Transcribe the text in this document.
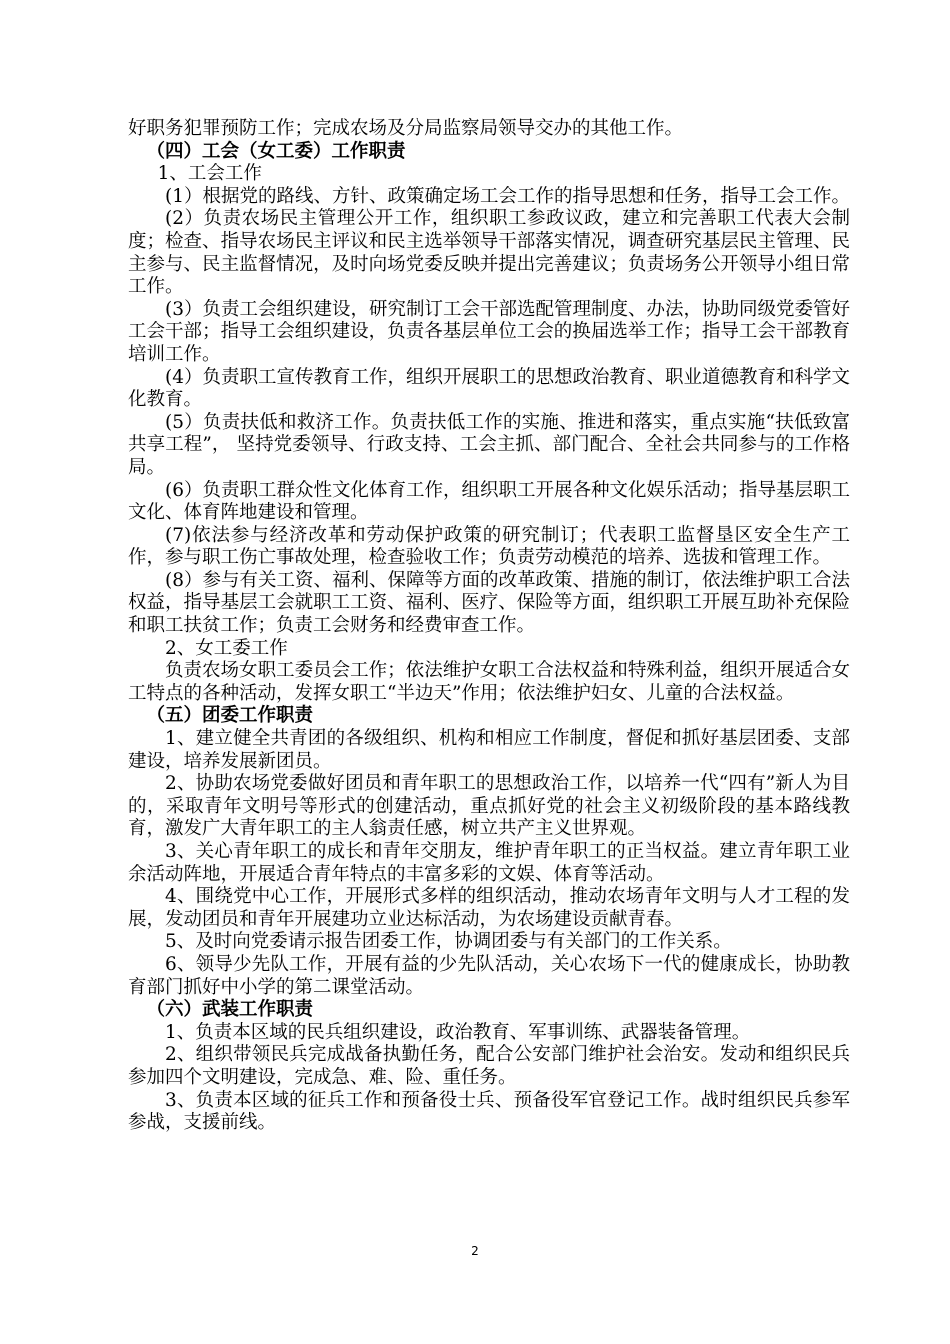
好职务犯罪预防工作；完成农场及分局监察局领导交办的其他工作。

（四）工会（女工委）工作职责

1、工会工作

(1）根据党的路线、方针、政策确定场工会工作的指导思想和任务，指导工会工作。

(2）负责农场民主管理公开工作，组织职工参政议政，建立和完善职工代表大会制度；检查、指导农场民主评议和民主选举领导干部落实情况，调查研究基层民主管理、民主参与、民主监督情况，及时向场党委反映并提出完善建议；负责场务公开领导小组日常工作。

(3）负责工会组织建设，研究制订工会干部选配管理制度、办法，协助同级党委管好工会干部；指导工会组织建设，负责各基层单位工会的换届选举工作；指导工会干部教育培训工作。

(4）负责职工宣传教育工作，组织开展职工的思想政治教育、职业道德教育和科学文化教育。

(5）负责扶低和救济工作。负责扶低工作的实施、推进和落实，重点实施“扶低致富共享工程”， 坚持党委领导、行政支持、工会主抓、部门配合、全社会共同参与的工作格局。

(6）负责职工群众性文化体育工作，组织职工开展各种文化娱乐活动；指导基层职工文化、体育阵地建设和管理。

(7)依法参与经济改革和劳动保护政策的研究制订；代表职工监督垦区安全生产工作，参与职工伤亡事故处理，检查验收工作；负责劳动模范的培养、选拔和管理工作。

(8）参与有关工资、福利、保障等方面的改革政策、措施的制订，依法维护职工合法权益，指导基层工会就职工工资、福利、医疗、保险等方面，组织职工开展互助补充保险和职工扶贫工作；负责工会财务和经费审查工作。

2、女工委工作

负责农场女职工委员会工作；依法维护女职工合法权益和特殊利益，组织开展适合女工特点的各种活动，发挥女职工“半边天”作用；依法维护妇女、儿童的合法权益。

（五）团委工作职责

1、建立健全共青团的各级组织、机构和相应工作制度，督促和抓好基层团委、支部建设，培养发展新团员。

2、协助农场党委做好团员和青年职工的思想政治工作，以培养一代“四有”新人为目的，采取青年文明号等形式的创建活动，重点抓好党的社会主义初级阶段的基本路线教育，激发广大青年职工的主人翁责任感，树立共产主义世界观。

3、关心青年职工的成长和青年交朋友，维护青年职工的正当权益。建立青年职工业余活动阵地，开展适合青年特点的丰富多彩的文娱、体育等活动。

4、围绕党中心工作，开展形式多样的组织活动，推动农场青年文明与人才工程的发展，发动团员和青年开展建功立业达标活动，为农场建设贡献青春。

5、及时向党委请示报告团委工作，协调团委与有关部门的工作关系。

6、领导少先队工作，开展有益的少先队活动，关心农场下一代的健康成长，协助教育部门抓好中小学的第二课堂活动。

（六）武装工作职责

1、负责本区域的民兵组织建设，政治教育、军事训练、武器装备管理。

2、组织带领民兵完成战备执勤任务，配合公安部门维护社会治安。发动和组织民兵参加四个文明建设，完成急、难、险、重任务。

3、负责本区域的征兵工作和预备役士兵、预备役军官登记工作。战时组织民兵参军参战，支援前线。

2
